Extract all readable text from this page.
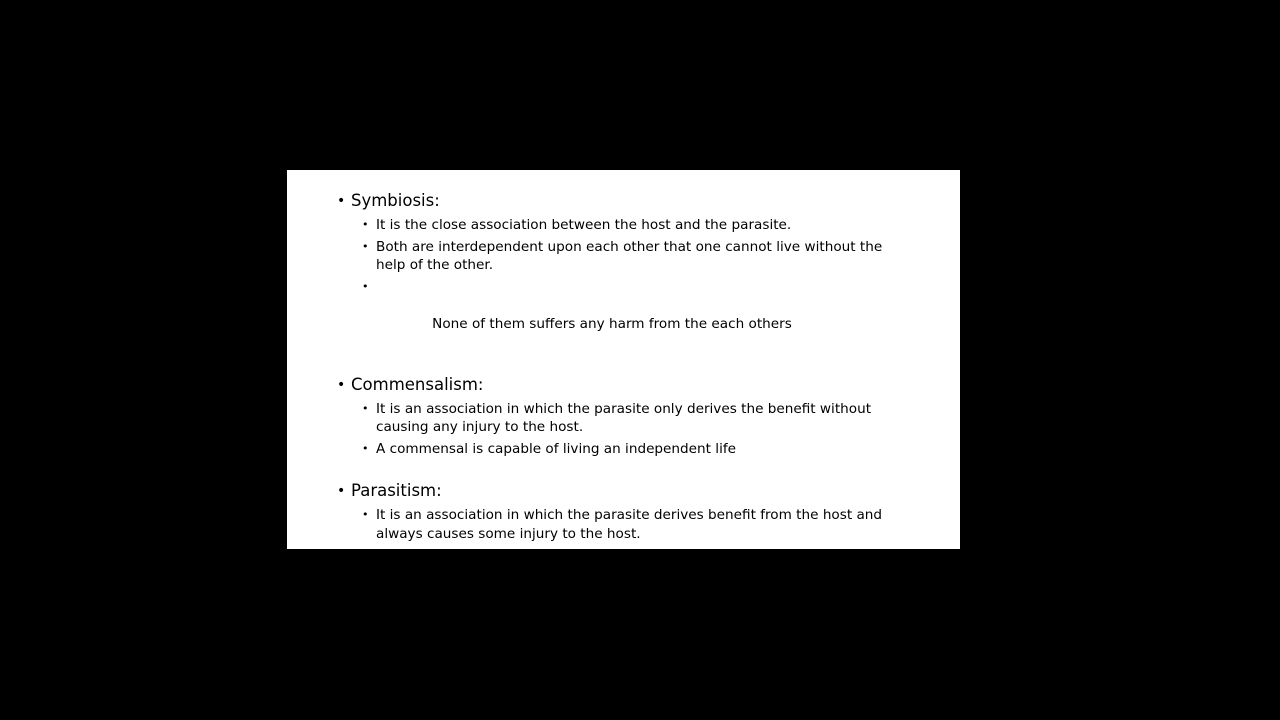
• Symbiosis:
• It is the close association between the host and the parasite.
• Both are interdependent upon each other that one cannot live without the help of the other.

•

None of them suffers any harm from the each others

• Commensalism:
• It is an association in which the parasite only derives the benefit without causing any injury to the host.
• A commensal is capable of living an independent life
• Parasitism:
• It is an association in which the parasite derives benefit from the host and always causes some injury to the host.
• The host gets no benefit in return.
